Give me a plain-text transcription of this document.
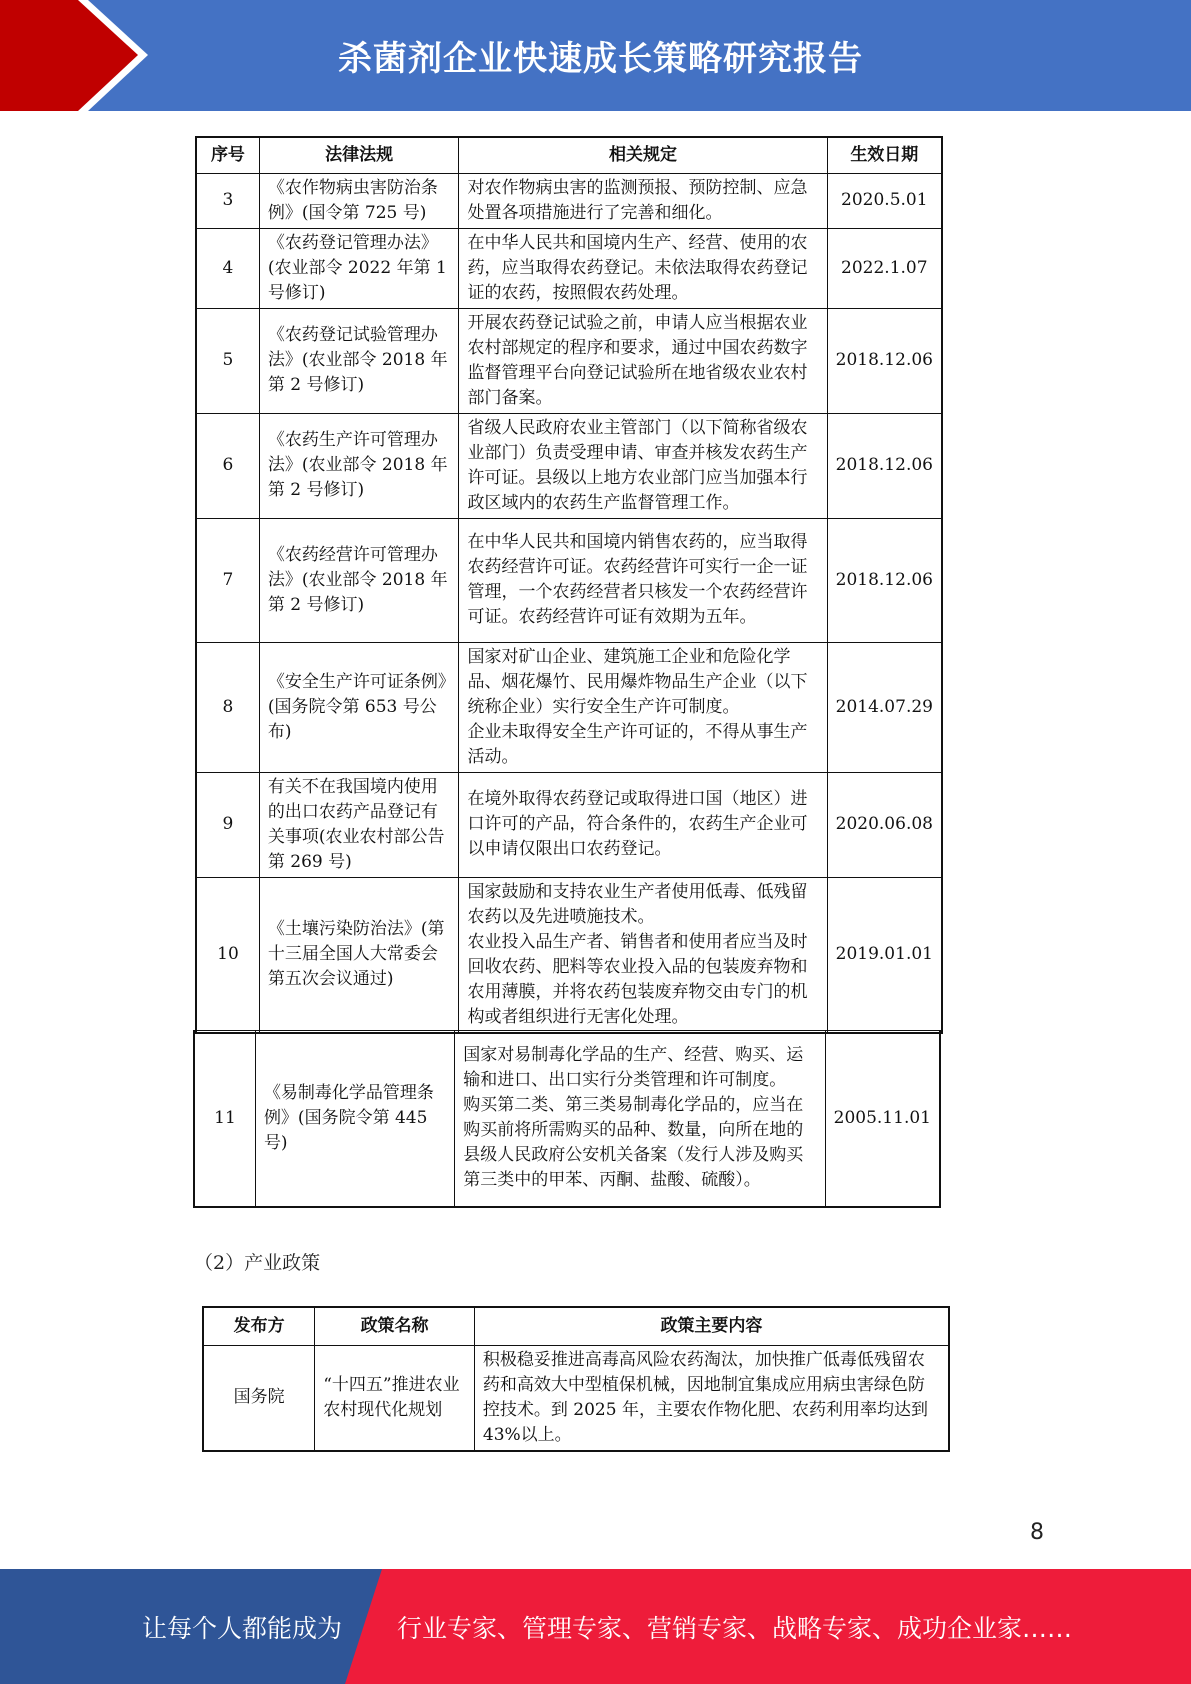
杀菌剂企业快速成长策略研究报告
序号	法律法规	相关规定	生效日期
3	《农作物病虫害防治条例》(国令第 725 号)	对农作物病虫害的监测预报、预防控制、应急处置各项措施进行了完善和细化。	2020.5.01
4	《农药登记管理办法》(农业部令 2022 年第 1 号修订)	在中华人民共和国境内生产、经营、使用的农药，应当取得农药登记。未依法取得农药登记证的农药，按照假农药处理。	2022.1.07
5	《农药登记试验管理办法》(农业部令 2018 年第 2 号修订)	开展农药登记试验之前，申请人应当根据农业农村部规定的程序和要求，通过中国农药数字监督管理平台向登记试验所在地省级农业农村部门备案。	2018.12.06
6	《农药生产许可管理办法》(农业部令 2018 年第 2 号修订)	省级人民政府农业主管部门（以下简称省级农业部门）负责受理申请、审查并核发农药生产许可证。县级以上地方农业部门应当加强本行政区域内的农药生产监督管理工作。	2018.12.06
7	《农药经营许可管理办法》(农业部令 2018 年第 2 号修订)	在中华人民共和国境内销售农药的，应当取得农药经营许可证。农药经营许可实行一企一证管理，一个农药经营者只核发一个农药经营许可证。农药经营许可证有效期为五年。	2018.12.06
8	《安全生产许可证条例》(国务院令第 653 号公布)	国家对矿山企业、建筑施工企业和危险化学品、烟花爆竹、民用爆炸物品生产企业（以下统称企业）实行安全生产许可制度。
企业未取得安全生产许可证的，不得从事生产活动。	2014.07.29
9	有关不在我国境内使用的出口农药产品登记有关事项(农业农村部公告第 269 号)	在境外取得农药登记或取得进口国（地区）进口许可的产品，符合条件的，农药生产企业可以申请仅限出口农药登记。	2020.06.08
10	《土壤污染防治法》(第十三届全国人大常委会第五次会议通过)	国家鼓励和支持农业生产者使用低毒、低残留农药以及先进喷施技术。
农业投入品生产者、销售者和使用者应当及时回收农药、肥料等农业投入品的包装废弃物和农用薄膜，并将农药包装废弃物交由专门的机构或者组织进行无害化处理。	2019.01.01
11	《易制毒化学品管理条例》(国务院令第 445 号)	国家对易制毒化学品的生产、经营、购买、运输和进口、出口实行分类管理和许可制度。
购买第二类、第三类易制毒化学品的，应当在购买前将所需购买的品种、数量，向所在地的县级人民政府公安机关备案（发行人涉及购买第三类中的甲苯、丙酮、盐酸、硫酸）。	2005.11.01
（2）产业政策
发布方	政策名称	政策主要内容
国务院	“十四五”推进农业农村现代化规划	积极稳妥推进高毒高风险农药淘汰，加快推广低毒低残留农药和高效大中型植保机械，因地制宜集成应用病虫害绿色防控技术。到 2025 年，主要农作物化肥、农药利用率均达到 43%以上。
8
让每个人都能成为 行业专家、管理专家、营销专家、战略专家、成功企业家……
